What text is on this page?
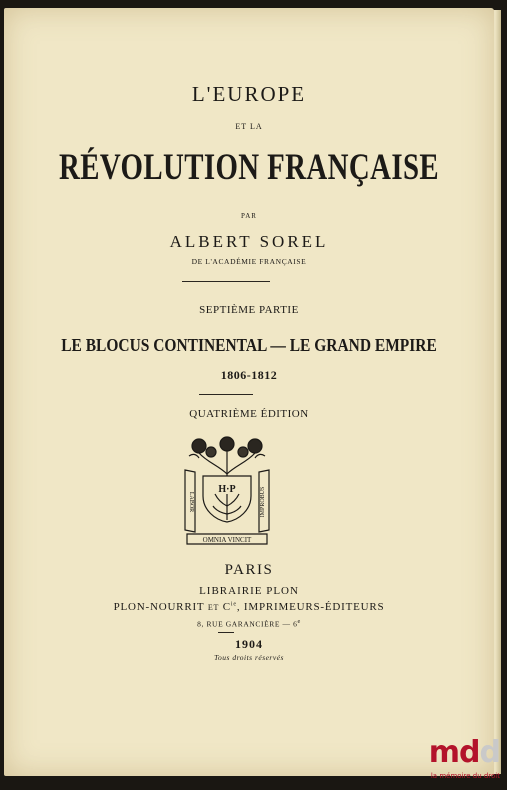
L'EUROPE
ET LA
RÉVOLUTION FRANÇAISE
PAR
ALBERT SOREL
DE L'ACADÉMIE FRANÇAISE
SEPTIÈME PARTIE
LE BLOCUS CONTINENTAL — LE GRAND EMPIRE
1806-1812
QUATRIÈME ÉDITION
H·P
LABOR	IMPROBUS
OMNIA VINCIT
PARIS
LIBRAIRIE PLON
PLON-NOURRIT ET $C^{ie}$, IMPRIMEURS-ÉDITEURS
8, RUE GARANCIÈRE — 6e
1904
Tous droits réservés
mdd
la mémoire du droit
